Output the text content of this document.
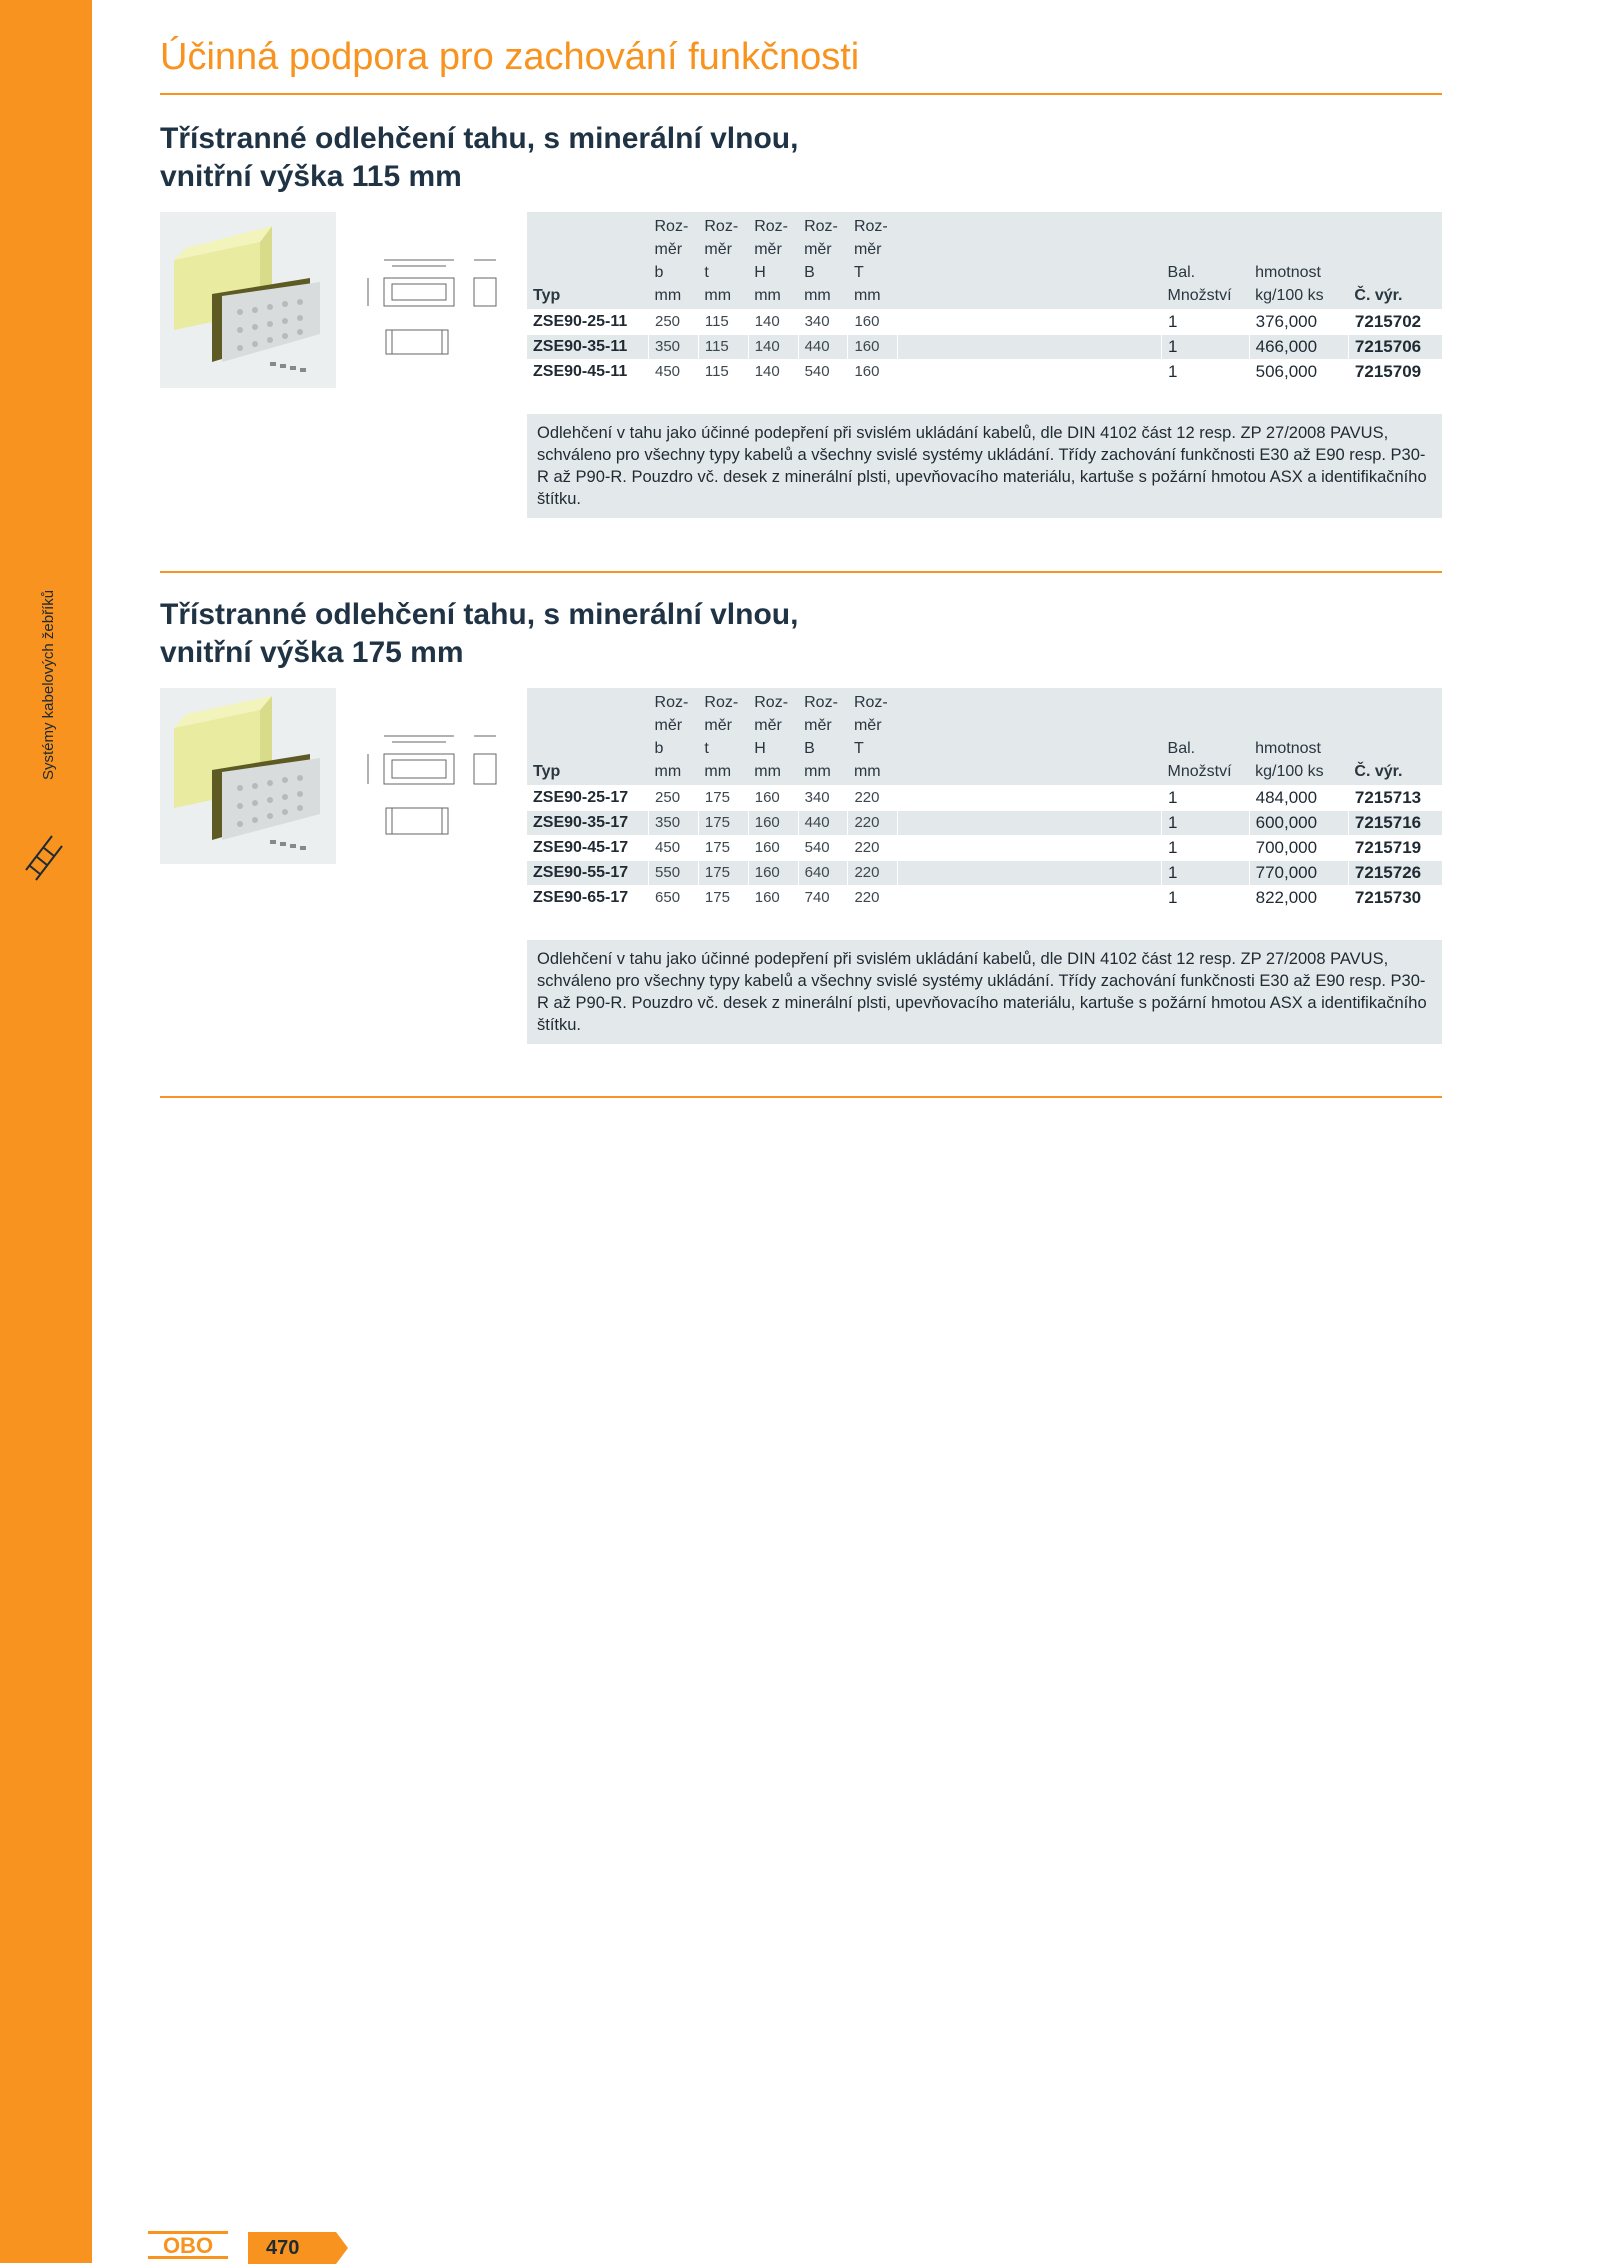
Systémy kabelových žebříků
Účinná podpora pro zachování funkčnosti
Třístranné odlehčení tahu, s minerální vlnou,
vnitřní výška 115 mm
Typ	Roz-
měr
b
mm	Roz-
měr
t
mm	Roz-
měr
H
mm	Roz-
měr
B
mm	Roz-
měr
T
mm		Bal.
Množství	hmotnost
kg/100 ks	Č. výr.
ZSE90-25-11	250	115	140	340	160		1	376,000	7215702
ZSE90-35-11	350	115	140	440	160		1	466,000	7215706
ZSE90-45-11	450	115	140	540	160		1	506,000	7215709
Odlehčení v tahu jako účinné podepření při svislém ukládání kabelů, dle DIN 4102 část 12 resp. ZP 27/2008 PAVUS, schváleno pro všechny typy kabelů a všechny svislé systémy ukládání. Třídy zachování funkčnosti E30 až E90 resp. P30-R až P90-R. Pouzdro vč. desek z minerální plsti, upevňovacího materiálu, kartuše s požární hmotou ASX a identifikačního štítku.
Třístranné odlehčení tahu, s minerální vlnou,
vnitřní výška 175 mm
Typ	Roz-
měr
b
mm	Roz-
měr
t
mm	Roz-
měr
H
mm	Roz-
měr
B
mm	Roz-
měr
T
mm		Bal.
Množství	hmotnost
kg/100 ks	Č. výr.
ZSE90-25-17	250	175	160	340	220		1	484,000	7215713
ZSE90-35-17	350	175	160	440	220		1	600,000	7215716
ZSE90-45-17	450	175	160	540	220		1	700,000	7215719
ZSE90-55-17	550	175	160	640	220		1	770,000	7215726
ZSE90-65-17	650	175	160	740	220		1	822,000	7215730
Odlehčení v tahu jako účinné podepření při svislém ukládání kabelů, dle DIN 4102 část 12 resp. ZP 27/2008 PAVUS, schváleno pro všechny typy kabelů a všechny svislé systémy ukládání. Třídy zachování funkčnosti E30 až E90 resp. P30-R až P90-R. Pouzdro vč. desek z minerální plsti, upevňovacího materiálu, kartuše s požární hmotou ASX a identifikačního štítku.
OBO	470
